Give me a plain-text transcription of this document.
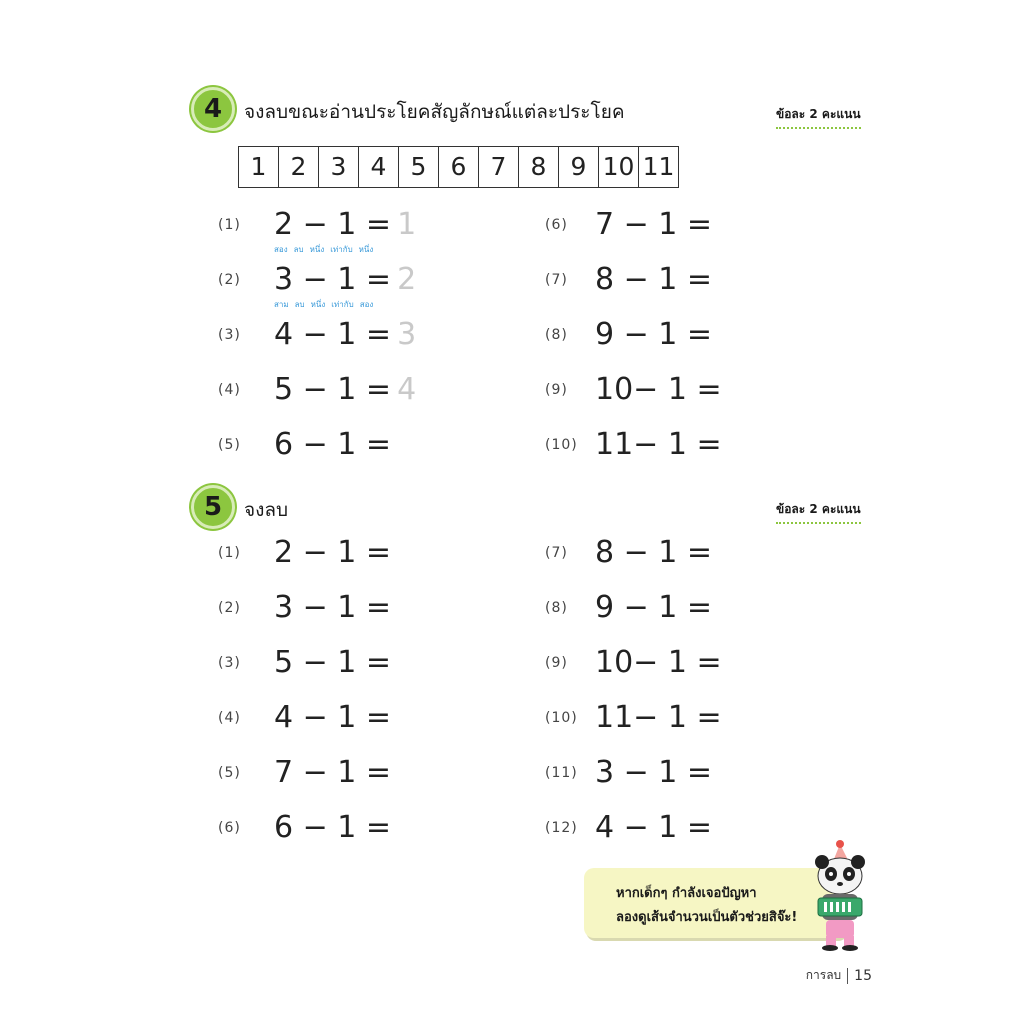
4	จงลบขณะอ่านประโยคสัญลักษณ์แต่ละประโยค	ข้อละ 2 คะแนน
1 2 3 4 5 6 7 8 9 10 11
(1) 2 − 1 = 1
สอง ลบ หนึ่ง เท่ากับ หนึ่ง
(2) 3 − 1 = 2
สาม ลบ หนึ่ง เท่ากับ สอง
(3) 4 − 1 = 3
(4) 5 − 1 = 4
(5) 6 − 1 =
(6) 7 − 1 =
(7) 8 − 1 =
(8) 9 − 1 =
(9) 10− 1 =
(10) 11− 1 =
5	จงลบ	ข้อละ 2 คะแนน
(1) 2 − 1 =
(2) 3 − 1 =
(3) 5 − 1 =
(4) 4 − 1 =
(5) 7 − 1 =
(6) 6 − 1 =
(7) 8 − 1 =
(8) 9 − 1 =
(9) 10− 1 =
(10) 11− 1 =
(11) 3 − 1 =
(12) 4 − 1 =
หากเด็กๆ กำลังเจอปัญหา
ลองดูเส้นจำนวนเป็นตัวช่วยสิจ๊ะ!
การลบ 15
